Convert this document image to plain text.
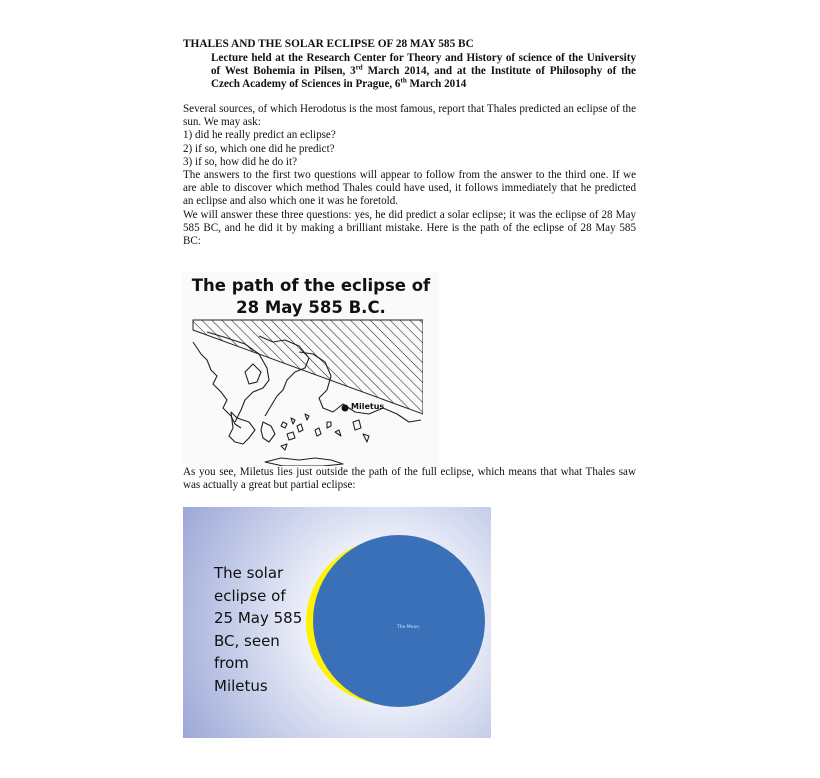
THALES AND THE SOLAR ECLIPSE OF 28 MAY 585 BC

Lecture held at the Research Center for Theory and History of science of the University of West Bohemia in Pilsen, 3rd March 2014, and at the Institute of Philosophy of the Czech Academy of Sciences in Prague, 6th March 2014

Several sources, of which Herodotus is the most famous, report that Thales predicted an eclipse of the sun. We may ask:

1) did he really predict an eclipse?

2) if so, which one did he predict?

3) if so, how did he do it?

The answers to the first two questions will appear to follow from the answer to the third one. If we are able to discover which method Thales could have used, it follows immediately that he predicted an eclipse and also which one it was he foretold.

We will answer these three questions: yes, he did predict a solar eclipse; it was the eclipse of 28 May 585 BC, and he did it by making a brilliant mistake. Here is the path of the eclipse of 28 May 585 BC:

The path of the eclipse of
28 May 585 B.C.
Miletus

As you see, Miletus lies just outside the path of the full eclipse, which means that what Thales saw was actually a great but partial eclipse:

The Moon
The solar
eclipse of
25 May 585
BC, seen
from
Miletus
